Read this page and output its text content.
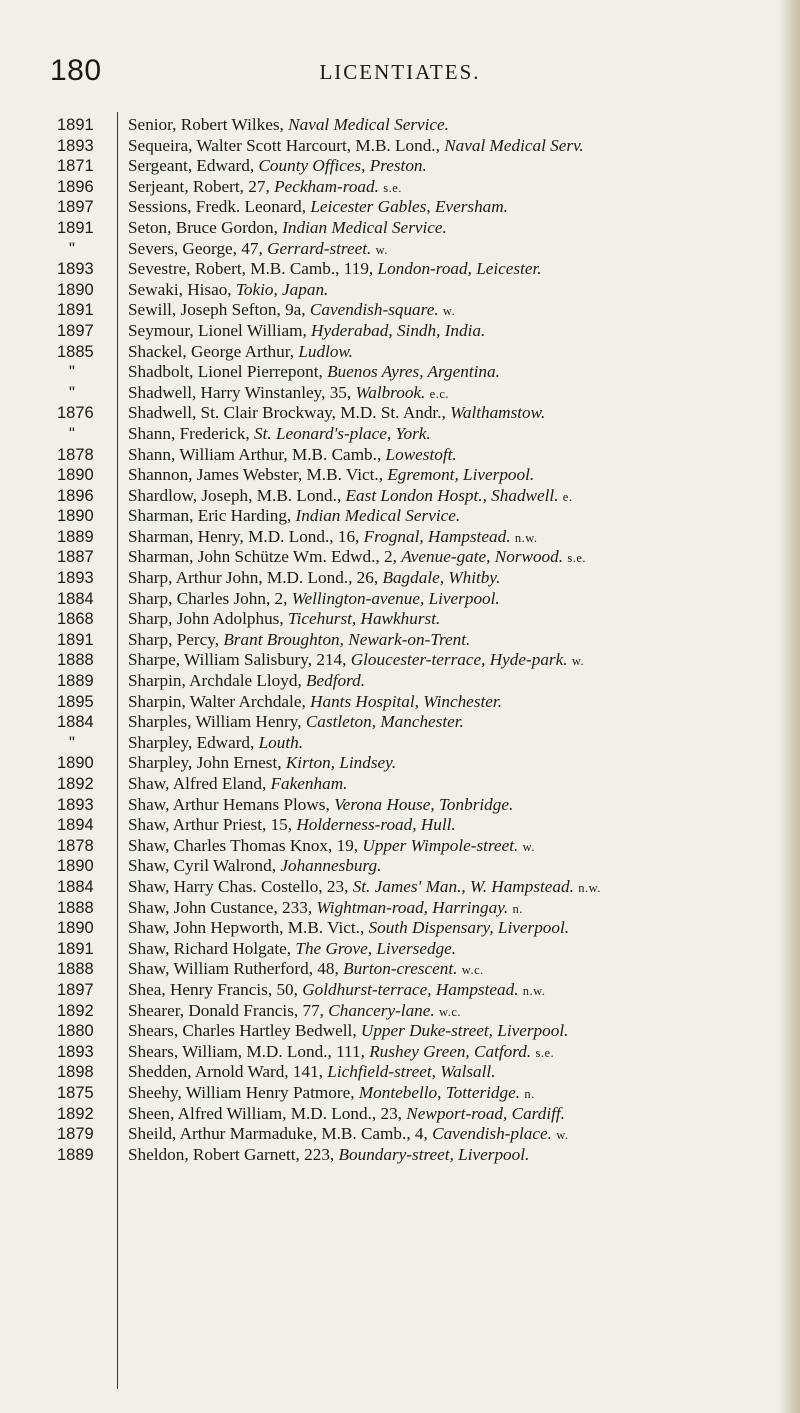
180	LICENTIATES.
1891	Senior, Robert Wilkes, Naval Medical Service.
1893	Sequeira, Walter Scott Harcourt, M.B. Lond., Naval Medical Serv.
1871	Sergeant, Edward, County Offices, Preston.
1896	Serjeant, Robert, 27, Peckham-road. s.e.
1897	Sessions, Fredk. Leonard, Leicester Gables, Eversham.
1891	Seton, Bruce Gordon, Indian Medical Service.
"	Severs, George, 47, Gerrard-street. w.
1893	Sevestre, Robert, M.B. Camb., 119, London-road, Leicester.
1890	Sewaki, Hisao, Tokio, Japan.
1891	Sewill, Joseph Sefton, 9a, Cavendish-square. w.
1897	Seymour, Lionel William, Hyderabad, Sindh, India.
1885	Shackel, George Arthur, Ludlow.
"	Shadbolt, Lionel Pierrepont, Buenos Ayres, Argentina.
"	Shadwell, Harry Winstanley, 35, Walbrook. e.c.
1876	Shadwell, St. Clair Brockway, M.D. St. Andr., Walthamstow.
"	Shann, Frederick, St. Leonard's-place, York.
1878	Shann, William Arthur, M.B. Camb., Lowestoft.
1890	Shannon, James Webster, M.B. Vict., Egremont, Liverpool.
1896	Shardlow, Joseph, M.B. Lond., East London Hospt., Shadwell. e.
1890	Sharman, Eric Harding, Indian Medical Service.
1889	Sharman, Henry, M.D. Lond., 16, Frognal, Hampstead. n.w.
1887	Sharman, John Schütze Wm. Edwd., 2, Avenue-gate, Norwood. s.e.
1893	Sharp, Arthur John, M.D. Lond., 26, Bagdale, Whitby.
1884	Sharp, Charles John, 2, Wellington-avenue, Liverpool.
1868	Sharp, John Adolphus, Ticehurst, Hawkhurst.
1891	Sharp, Percy, Brant Broughton, Newark-on-Trent.
1888	Sharpe, William Salisbury, 214, Gloucester-terrace, Hyde-park. w.
1889	Sharpin, Archdale Lloyd, Bedford.
1895	Sharpin, Walter Archdale, Hants Hospital, Winchester.
1884	Sharples, William Henry, Castleton, Manchester.
"	Sharpley, Edward, Louth.
1890	Sharpley, John Ernest, Kirton, Lindsey.
1892	Shaw, Alfred Eland, Fakenham.
1893	Shaw, Arthur Hemans Plows, Verona House, Tonbridge.
1894	Shaw, Arthur Priest, 15, Holderness-road, Hull.
1878	Shaw, Charles Thomas Knox, 19, Upper Wimpole-street. w.
1890	Shaw, Cyril Walrond, Johannesburg.
1884	Shaw, Harry Chas. Costello, 23, St. James' Man., W. Hampstead. n.w.
1888	Shaw, John Custance, 233, Wightman-road, Harringay. n.
1890	Shaw, John Hepworth, M.B. Vict., South Dispensary, Liverpool.
1891	Shaw, Richard Holgate, The Grove, Liversedge.
1888	Shaw, William Rutherford, 48, Burton-crescent. w.c.
1897	Shea, Henry Francis, 50, Goldhurst-terrace, Hampstead. n.w.
1892	Shearer, Donald Francis, 77, Chancery-lane. w.c.
1880	Shears, Charles Hartley Bedwell, Upper Duke-street, Liverpool.
1893	Shears, William, M.D. Lond., 111, Rushey Green, Catford. s.e.
1898	Shedden, Arnold Ward, 141, Lichfield-street, Walsall.
1875	Sheehy, William Henry Patmore, Montebello, Totteridge. n.
1892	Sheen, Alfred William, M.D. Lond., 23, Newport-road, Cardiff.
1879	Sheild, Arthur Marmaduke, M.B. Camb., 4, Cavendish-place. w.
1889	Sheldon, Robert Garnett, 223, Boundary-street, Liverpool.
